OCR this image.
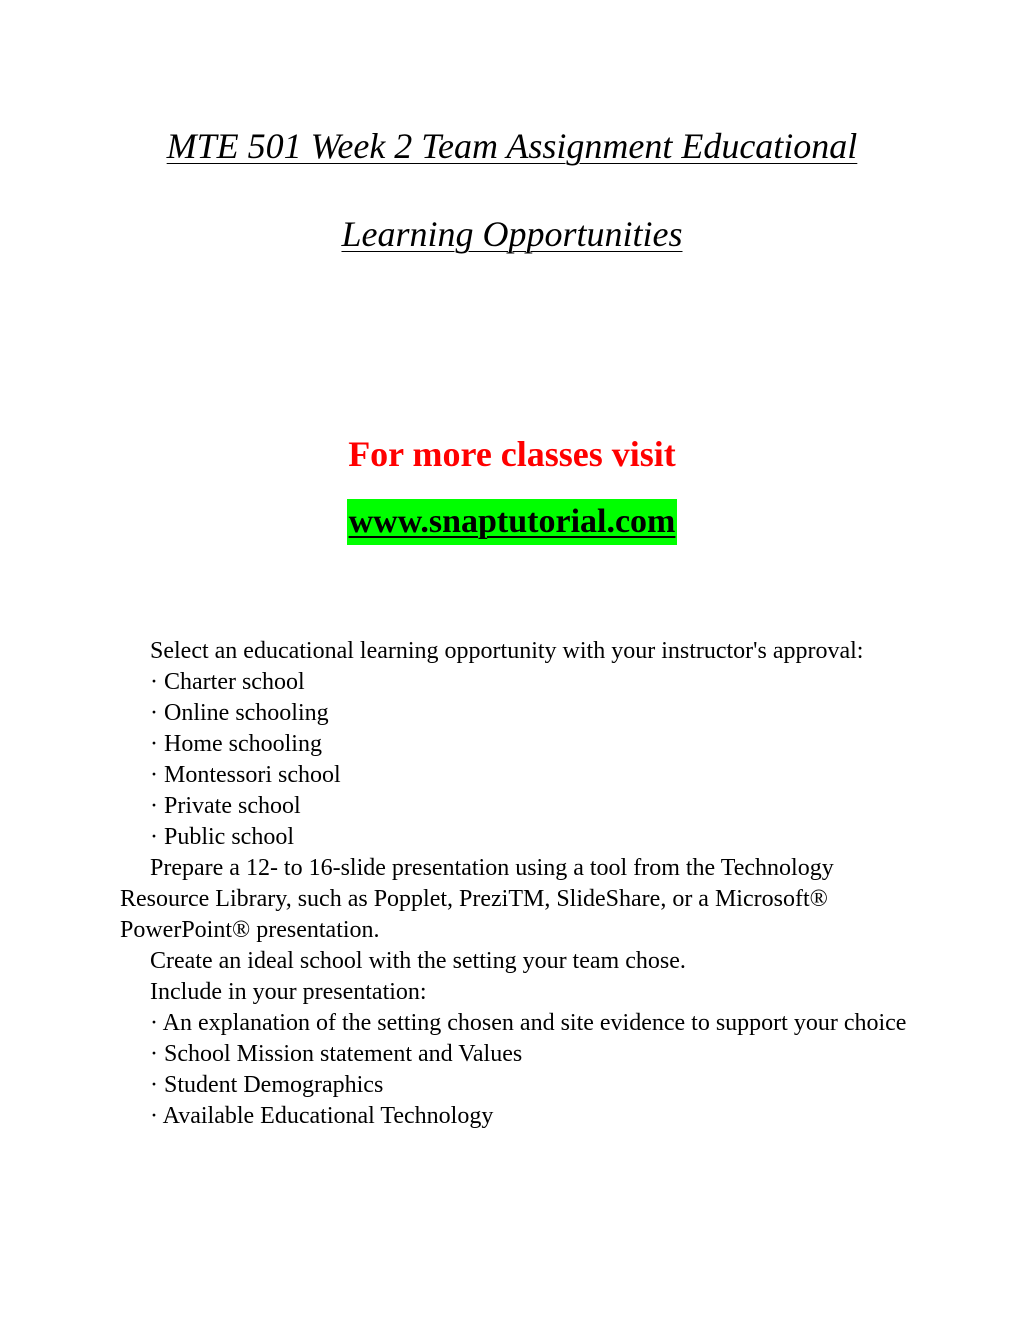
MTE 501 Week 2 Team Assignment Educational
Learning Opportunities
For more classes visit
www.snaptutorial.com

Select an educational learning opportunity with your instructor's approval:

· Charter school

· Online schooling

· Home schooling

· Montessori school

· Private school

· Public school

Prepare a 12- to 16-slide presentation using a tool from the Technology Resource Library, such as Popplet, PreziTM, SlideShare, or a Microsoft® PowerPoint® presentation.

Create an ideal school with the setting your team chose.

Include in your presentation:

· An explanation of the setting chosen and site evidence to support your choice

· School Mission statement and Values

· Student Demographics

· Available Educational Technology
